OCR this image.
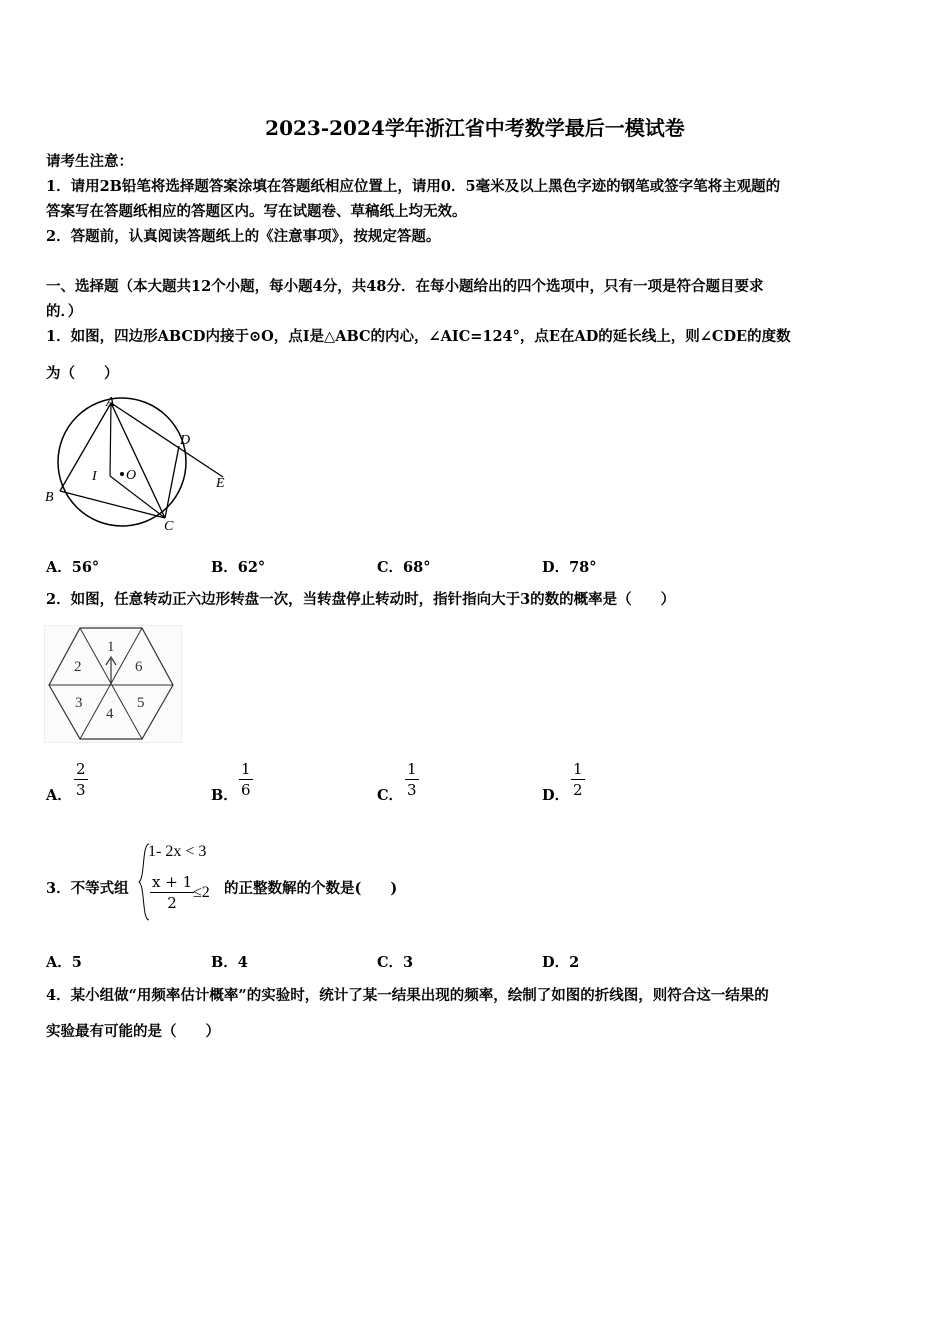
2023-2024学年浙江省中考数学最后一模试卷
请考生注意：
1．请用2B铅笔将选择题答案涂填在答题纸相应位置上，请用0．5毫米及以上黑色字迹的钢笔或签字笔将主观题的
答案写在答题纸相应的答题区内。写在试题卷、草稿纸上均无效。
2．答题前，认真阅读答题纸上的《注意事项》，按规定答题。
一、选择题（本大题共12个小题，每小题4分，共48分．在每小题给出的四个选项中，只有一项是符合题目要求
的．）
1．如图，四边形ABCD内接于⊙O，点I是△ABC的内心，∠AIC=124°，点E在AD的延长线上，则∠CDE的度数
为（　　）
A
B
C
D
E
I O
A．56°	B．62°	C．68°	D．78°
2．如图，任意转动正六边形转盘一次，当转盘停止转动时，指针指向大于3的数的概率是（　　）
1
2
3
4
5
6
A． $\frac{2}{3}$	B． $\frac{1}{6}$	C． $\frac{1}{3}$	D． $\frac{1}{2}$
3．不等式组
1- 2x < 3
$\frac{x + 1}{2}$
≤2 的正整数解的个数是(　　)
A．5	B．4	C．3	D．2
4．某小组做“用频率估计概率”的实验时，统计了某一结果出现的频率，绘制了如图的折线图，则符合这一结果的
实验最有可能的是（　　）
